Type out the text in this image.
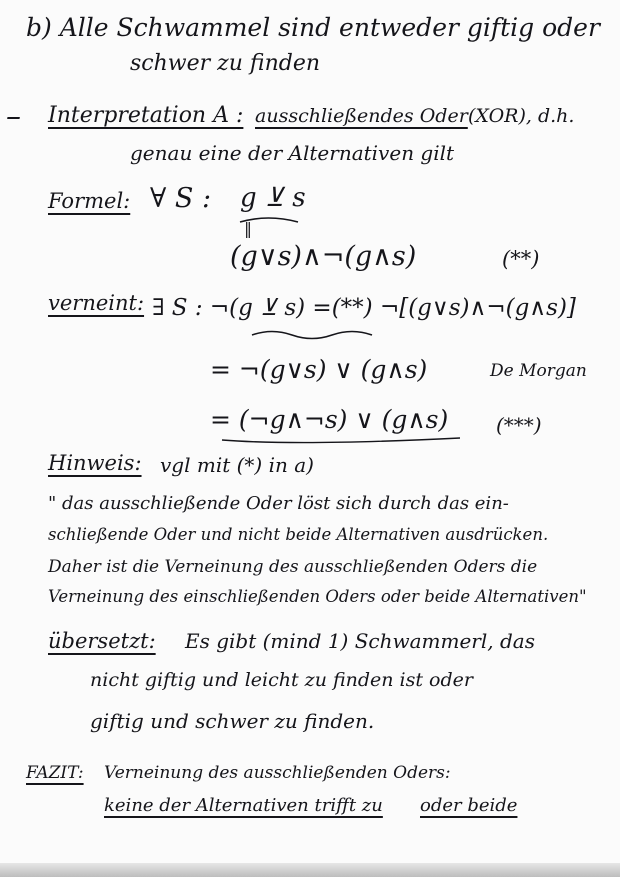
b) Alle Schwammel sind entweder giftig oder
schwer zu finden
– Interpretation A : ausschließendes Oder (XOR), d.h.
genau eine der Alternativen gilt
Formel: ∀ S : g ⊻ s
‖
(g∨s)∧¬(g∧s)	(**)
verneint: ∃ S : ¬(g ⊻ s) =(**) ¬[(g∨s)∧¬(g∧s)]
= ¬(g∨s) ∨ (g∧s)	De Morgan
= (¬g∧¬s) ∨ (g∧s) (***)
Hinweis: vgl mit (*) in a)
" das ausschließende Oder löst sich durch das ein-
schließende Oder und nicht beide Alternativen ausdrücken.
Daher ist die Verneinung des ausschließenden Oders die
Verneinung des einschließenden Oders oder beide Alternativen"
übersetzt: Es gibt (mind 1) Schwammerl, das
nicht giftig und leicht zu finden ist oder
giftig und schwer zu finden.
FAZIT: Verneinung des ausschließenden Oders:
keine der Alternativen trifft zu oder beide
